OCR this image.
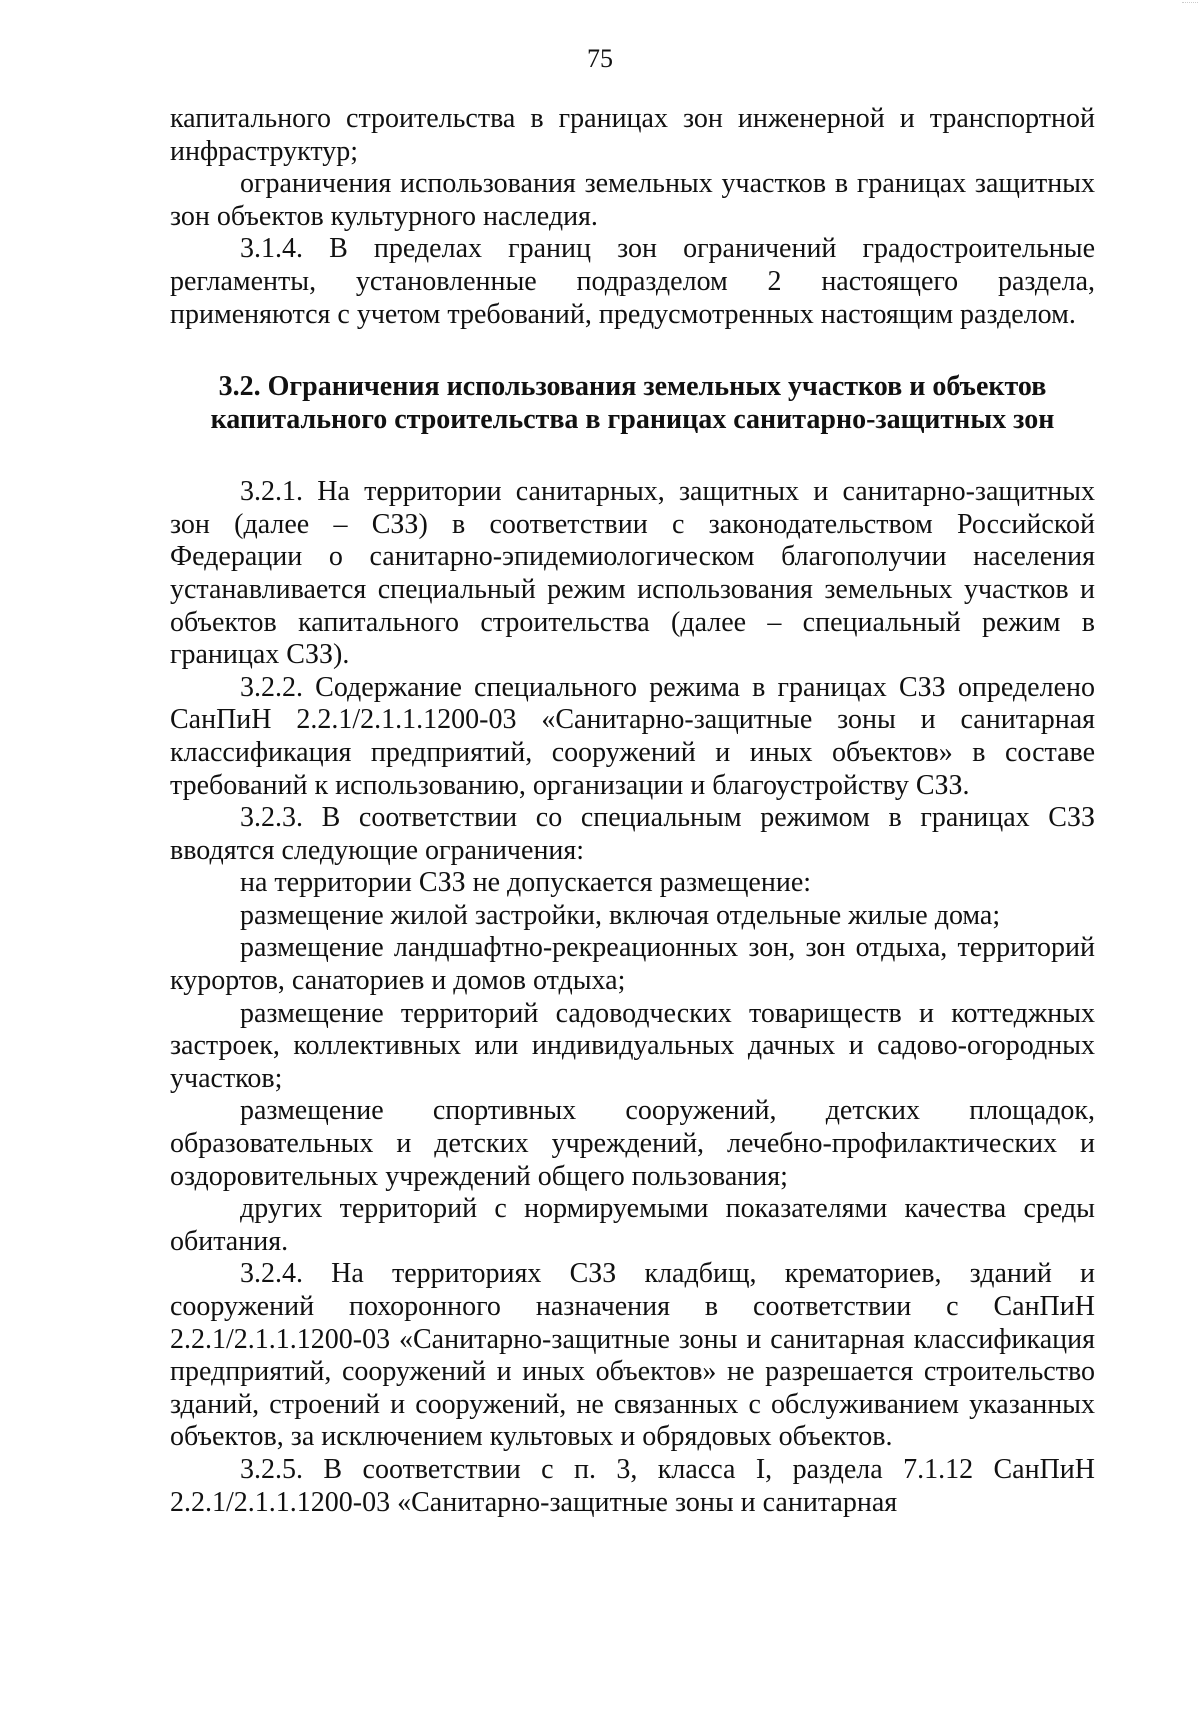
75

капитального строительства в границах зон инженерной и транспортной инфраструктур;

ограничения использования земельных участков в границах защитных зон объектов культурного наследия.

3.1.4. В пределах границ зон ограничений градостроительные регламенты, установленные подразделом 2 настоящего раздела, применяются с учетом требований, предусмотренных настоящим разделом.

3.2. Ограничения использования земельных участков и объектов капитального строительства в границах санитарно-защитных зон

3.2.1. На территории санитарных, защитных и санитарно-защитных зон (далее – СЗЗ) в соответствии с законодательством Российской Федерации о санитарно-эпидемиологическом благополучии населения устанавливается специальный режим использования земельных участков и объектов капитального строительства (далее – специальный режим в границах СЗЗ).

3.2.2. Содержание специального режима в границах СЗЗ определено СанПиН 2.2.1/2.1.1.1200-03 «Санитарно-защитные зоны и санитарная классификация предприятий, сооружений и иных объектов» в составе требований к использованию, организации и благоустройству СЗЗ.

3.2.3. В соответствии со специальным режимом в границах СЗЗ вводятся следующие ограничения:

на территории СЗЗ не допускается размещение:

размещение жилой застройки, включая отдельные жилые дома;

размещение ландшафтно-рекреационных зон, зон отдыха, территорий курортов, санаториев и домов отдыха;

размещение территорий садоводческих товариществ и коттеджных застроек, коллективных или индивидуальных дачных и садово-огородных участков;

размещение спортивных сооружений, детских площадок, образовательных и детских учреждений, лечебно-профилактических и оздоровительных учреждений общего пользования;

других территорий с нормируемыми показателями качества среды обитания.

3.2.4. На территориях СЗЗ кладбищ, крематориев, зданий и сооружений похоронного назначения в соответствии с СанПиН 2.2.1/2.1.1.1200-03 «Санитарно-защитные зоны и санитарная классификация предприятий, сооружений и иных объектов» не разрешается строительство зданий, строений и сооружений, не связанных с обслуживанием указанных объектов, за исключением культовых и обрядовых объектов.

3.2.5. В соответствии с п. 3, класса I, раздела 7.1.12 СанПиН 2.2.1/2.1.1.1200-03 «Санитарно-защитные зоны и санитарная
